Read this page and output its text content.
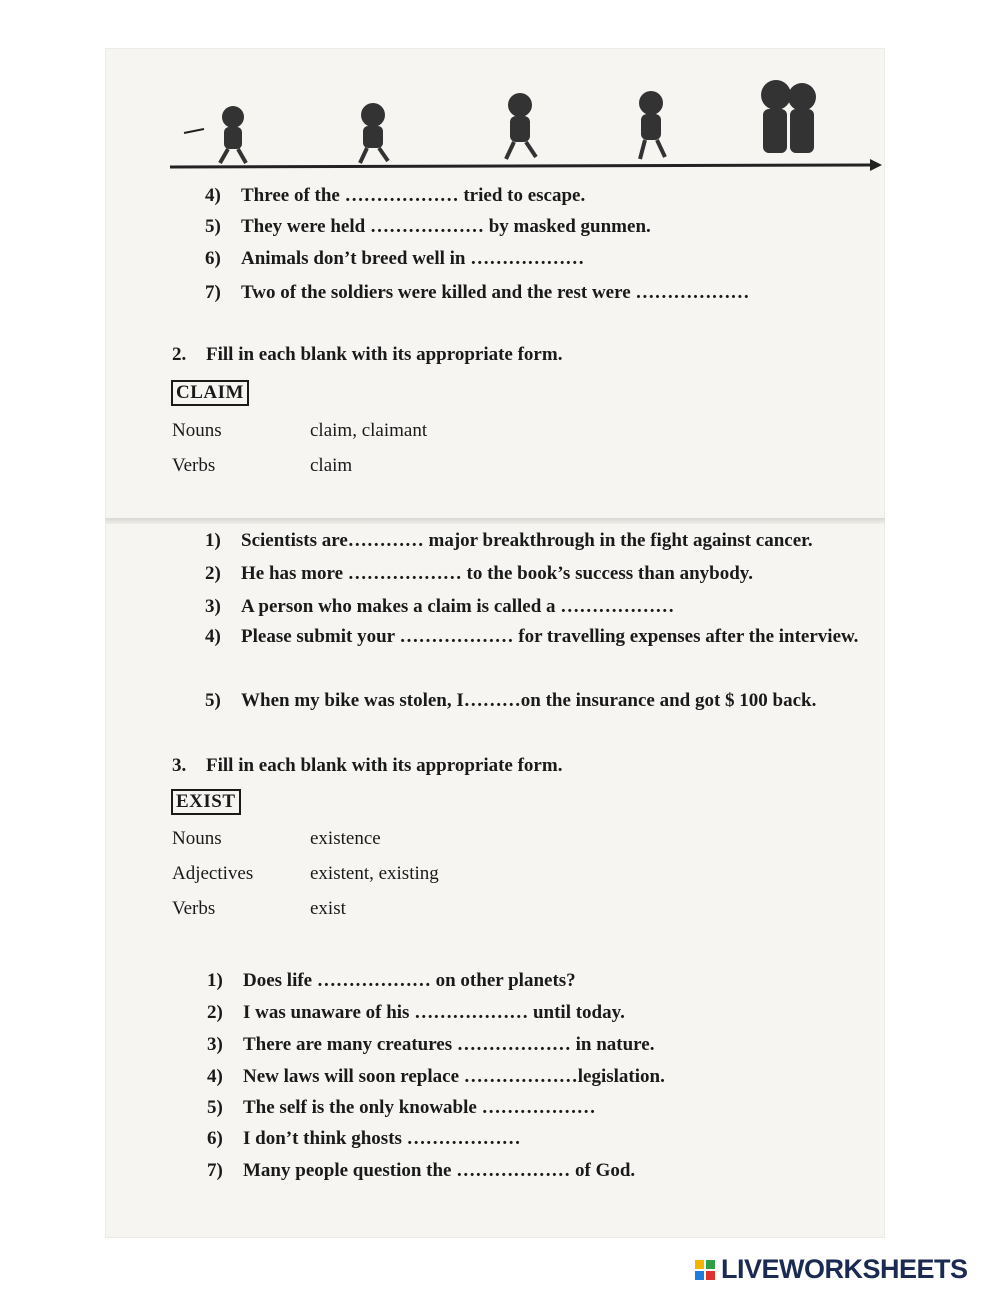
4) Three of the ……………… tried to escape.
5) They were held ……………… by masked gunmen.
6) Animals don’t breed well in ………………
7) Two of the soldiers were killed and the rest were ………………
2. Fill in each blank with its appropriate form.
CLAIM
Nouns	claim, claimant
Verbs	claim
1) Scientists are………… major breakthrough in the fight against cancer.
2) He has more ……………… to the book’s success than anybody.
3) A person who makes a claim is called a ………………
4) Please submit your ……………… for travelling expenses after the interview.
5) When my bike was stolen, I………on the insurance and got $ 100 back.
3. Fill in each blank with its appropriate form.
EXIST
Nouns	existence
Adjectives	existent, existing
Verbs	exist
1) Does life ……………… on other planets?
2) I was unaware of his ……………… until today.
3) There are many creatures ……………… in nature.
4) New laws will soon replace ………………legislation.
5) The self is the only knowable ………………
6) I don’t think ghosts ………………
7) Many people question the ……………… of God.
LIVEWORKSHEETS
